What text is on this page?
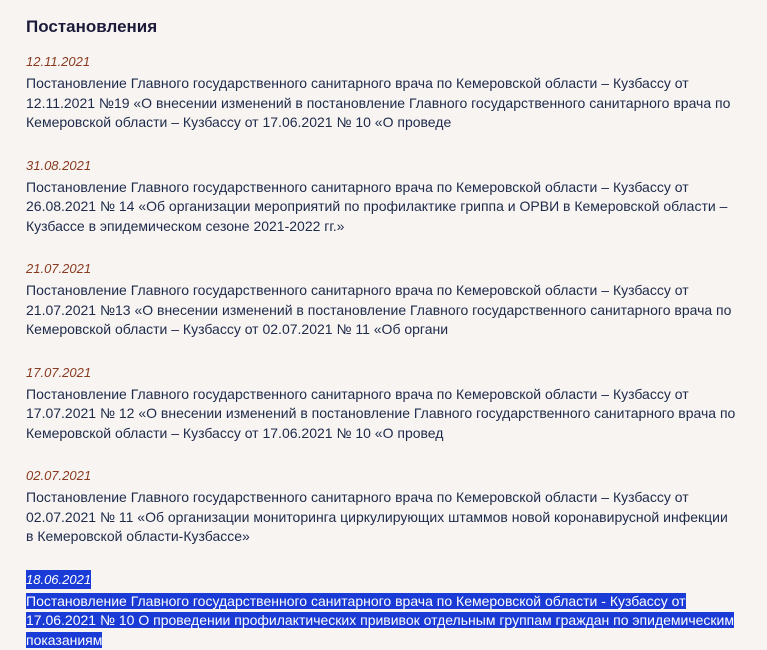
Постановления
12.11.2021
Постановление Главного государственного санитарного врача по Кемеровской области – Кузбассу от 12.11.2021 №19 «О внесении изменений в постановление Главного государственного санитарного врача по Кемеровской области – Кузбассу от 17.06.2021 № 10 «О проведе
31.08.2021
Постановление Главного государственного санитарного врача по Кемеровской области – Кузбассу от 26.08.2021 № 14 «Об организации мероприятий по профилактике гриппа и ОРВИ в Кемеровской области – Кузбассе в эпидемическом сезоне 2021-2022 гг.»
21.07.2021
Постановление Главного государственного санитарного врача по Кемеровской области – Кузбассу от 21.07.2021 №13 «О внесении изменений в постановление Главного государственного санитарного врача по Кемеровской области – Кузбассу от 02.07.2021 № 11 «Об органи
17.07.2021
Постановление Главного государственного санитарного врача по Кемеровской области – Кузбассу от 17.07.2021 № 12 «О внесении изменений в постановление Главного государственного санитарного врача по Кемеровской области – Кузбассу от 17.06.2021 № 10 «О провед
02.07.2021
Постановление Главного государственного санитарного врача по Кемеровской области – Кузбассу от 02.07.2021 № 11 «Об организации мониторинга циркулирующих штаммов новой коронавирусной инфекции в Кемеровской области-Кузбассе»
18.06.2021
Постановление Главного государственного санитарного врача по Кемеровской области - Кузбассу от 17.06.2021 № 10 О проведении профилактических прививок отдельным группам граждан по эпидемическим показаниям
